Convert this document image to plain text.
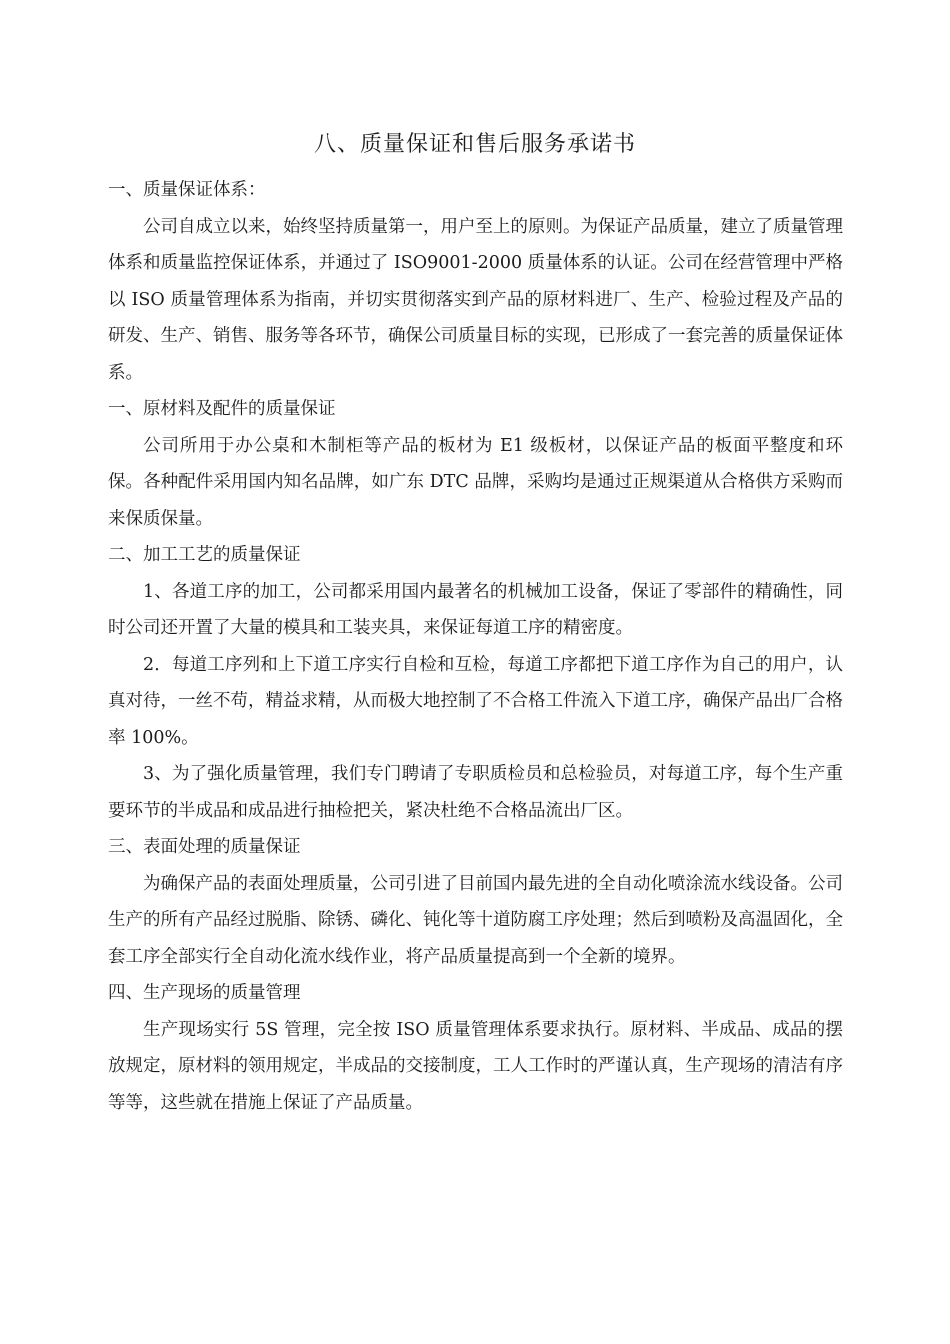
八、质量保证和售后服务承诺书

一、质量保证体系：

公司自成立以来，始终坚持质量第一，用户至上的原则。为保证产品质量，建立了质量管理体系和质量监控保证体系，并通过了 ISO9001-2000 质量体系的认证。公司在经营管理中严格以 ISO 质量管理体系为指南，并切实贯彻落实到产品的原材料进厂、生产、检验过程及产品的研发、生产、销售、服务等各环节，确保公司质量目标的实现，已形成了一套完善的质量保证体系。

一、原材料及配件的质量保证

公司所用于办公桌和木制柜等产品的板材为 E1 级板材，以保证产品的板面平整度和环保。各种配件采用国内知名品牌，如广东 DTC 品牌，采购均是通过正规渠道从合格供方采购而来保质保量。

二、加工工艺的质量保证

1、各道工序的加工，公司都采用国内最著名的机械加工设备，保证了零部件的精确性，同时公司还开置了大量的模具和工装夹具，来保证每道工序的精密度。

2．每道工序列和上下道工序实行自检和互检，每道工序都把下道工序作为自己的用户，认真对待，一丝不苟，精益求精，从而极大地控制了不合格工件流入下道工序，确保产品出厂合格率 100%。

3、为了强化质量管理，我们专门聘请了专职质检员和总检验员，对每道工序，每个生产重要环节的半成品和成品进行抽检把关，紧决杜绝不合格品流出厂区。

三、表面处理的质量保证

为确保产品的表面处理质量，公司引进了目前国内最先进的全自动化喷涂流水线设备。公司生产的所有产品经过脱脂、除锈、磷化、钝化等十道防腐工序处理；然后到喷粉及高温固化，全套工序全部实行全自动化流水线作业，将产品质量提高到一个全新的境界。

四、生产现场的质量管理

生产现场实行 5S 管理，完全按 ISO 质量管理体系要求执行。原材料、半成品、成品的摆放规定，原材料的领用规定，半成品的交接制度，工人工作时的严谨认真，生产现场的清洁有序等等，这些就在措施上保证了产品质量。
